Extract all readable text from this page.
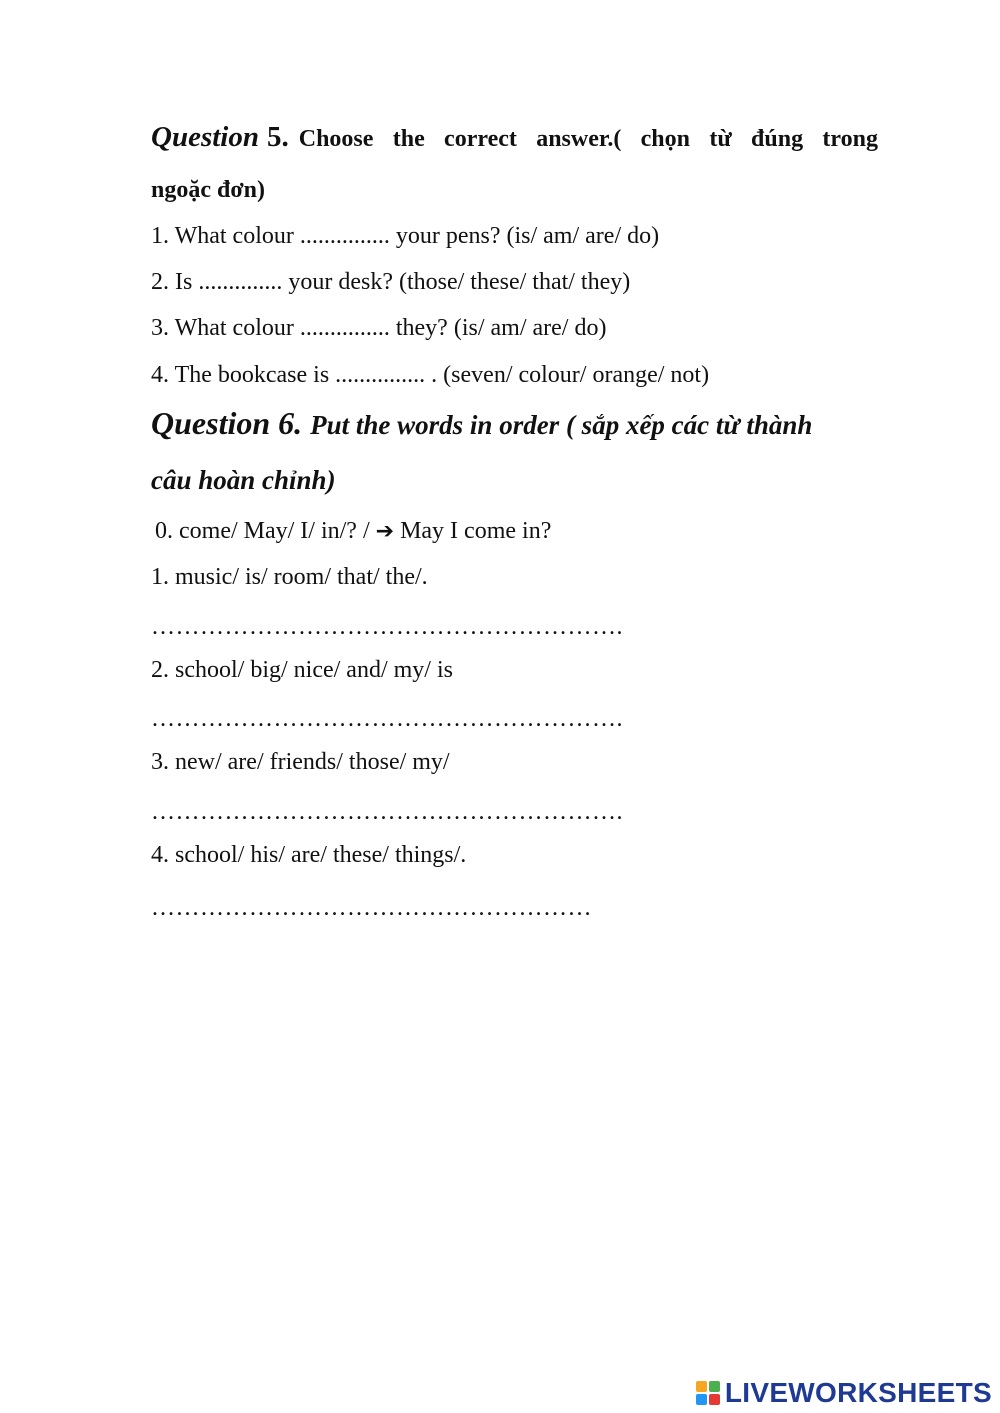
Question 5. Choose the correct answer.( chọn từ đúng trong
ngoặc đơn)
1. What colour ............... your pens? (is/ am/ are/ do)
2. Is .............. your desk? (those/ these/ that/ they)
3. What colour ............... they? (is/ am/ are/ do)
4. The bookcase is ............... . (seven/ colour/ orange/ not)
Question 6. Put the words in order ( sắp xếp các từ thành
câu hoàn chỉnh)
0. come/ May/ I/ in/? / ➔ May I come in?
1. music/ is/ room/ that/ the/.
………………………………………………….
2. school/ big/ nice/ and/ my/ is
………………………………………………….
3. new/ are/ friends/ those/ my/
………………………………………………….
4. school/ his/ are/ these/ things/.
………………………………………………
LIVEWORKSHEETS
